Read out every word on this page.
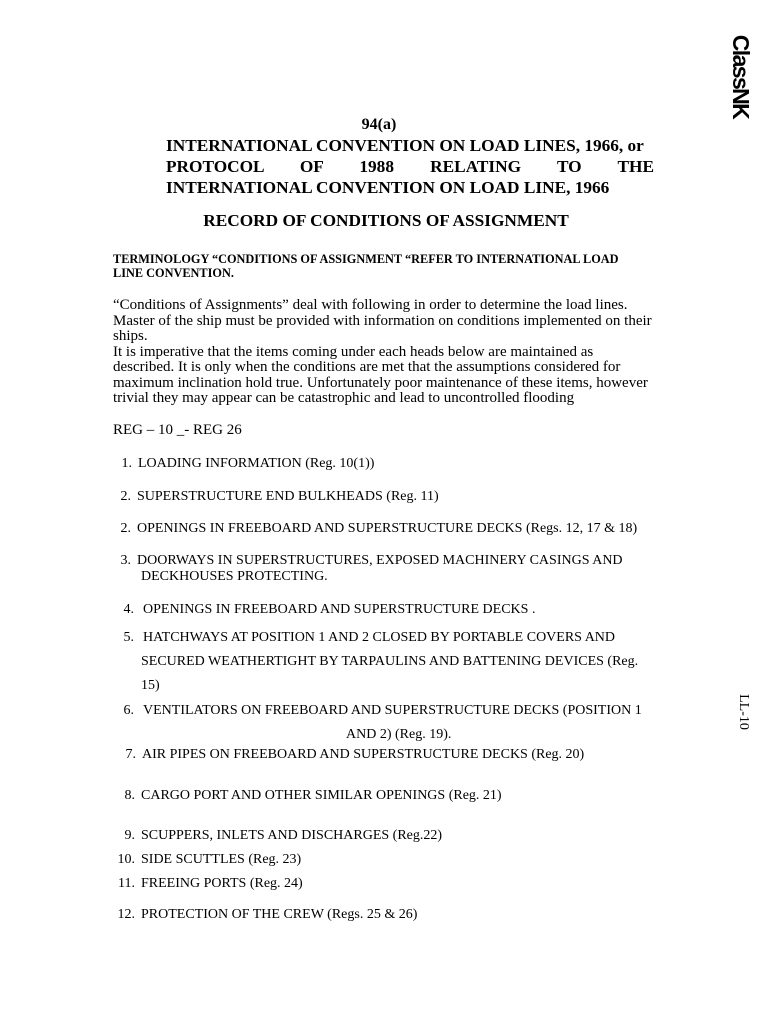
ClassNK
LL-10
94(a)
INTERNATIONAL CONVENTION ON LOAD LINES, 1966, or
PROTOCOL OF 1988 RELATING TO THE
INTERNATIONAL CONVENTION ON LOAD LINE, 1966
RECORD OF CONDITIONS OF ASSIGNMENT
TERMINOLOGY “CONDITIONS OF ASSIGNMENT “REFER TO INTERNATIONAL LOAD LINE CONVENTION.

“Conditions of Assignments” deal with following in order to determine the load lines. Master of the ship must be provided with information on conditions implemented on their ships.

It is imperative that the items coming under each heads below are maintained as described. It is only when the conditions are met that the assumptions considered for maximum inclination hold true. Unfortunately poor maintenance of these items, however trivial they may appear can be catastrophic and lead to uncontrolled flooding

REG – 10 _- REG 26
1. LOADING INFORMATION (Reg. 10(1))
2. SUPERSTRUCTURE END BULKHEADS (Reg. 11)
2. OPENINGS IN FREEBOARD AND SUPERSTRUCTURE DECKS (Regs. 12, 17 & 18)
3. DOORWAYS IN SUPERSTRUCTURES, EXPOSED MACHINERY CASINGS AND
DECKHOUSES PROTECTING.
4. OPENINGS IN FREEBOARD AND SUPERSTRUCTURE DECKS .
5. HATCHWAYS AT POSITION 1 AND 2 CLOSED BY PORTABLE COVERS AND
SECURED WEATHERTIGHT BY TARPAULINS AND BATTENING DEVICES (Reg.
15)
6. VENTILATORS ON FREEBOARD AND SUPERSTRUCTURE DECKS (POSITION 1
AND 2) (Reg. 19).
7. AIR PIPES ON FREEBOARD AND SUPERSTRUCTURE DECKS (Reg. 20)
8. CARGO PORT AND OTHER SIMILAR OPENINGS (Reg. 21)
9. SCUPPERS, INLETS AND DISCHARGES (Reg.22)
10. SIDE SCUTTLES (Reg. 23)
11. FREEING PORTS (Reg. 24)
12. PROTECTION OF THE CREW (Regs. 25 & 26)
